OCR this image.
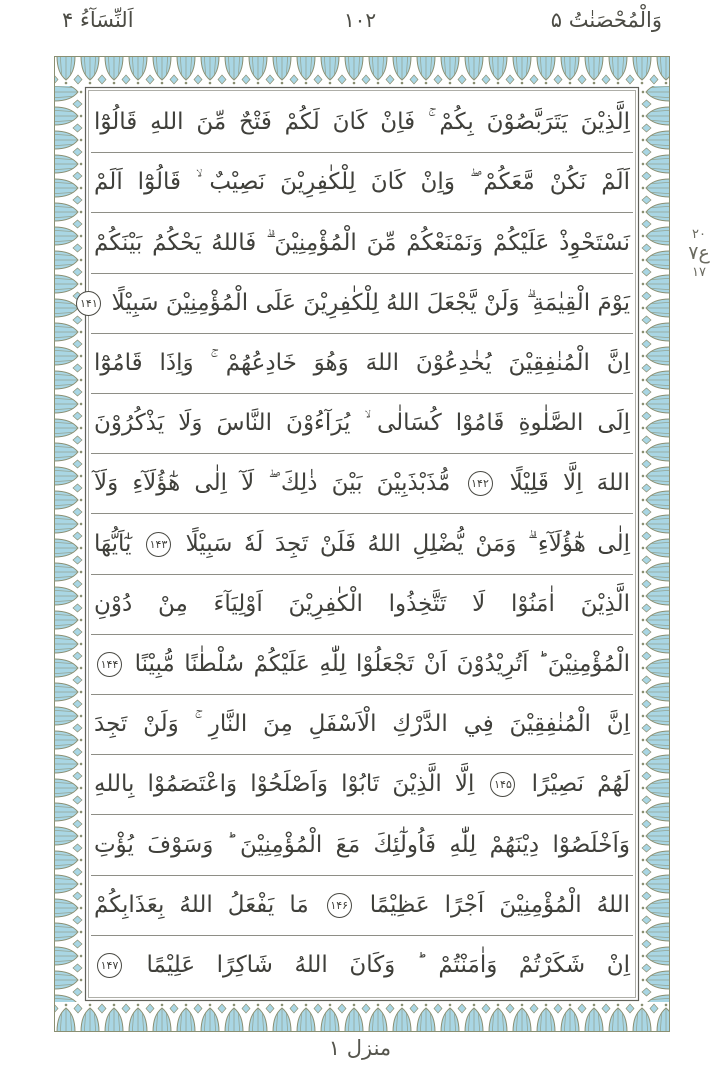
اَلنِّسَآءُ ۴	۱۰۲	وَالْمُحْصَنٰتُ ۵
۲۰
ع۷
۱۷
اِلَّذِيْنَ يَتَرَبَّصُوْنَ بِكُمْ ۚ فَاِنْ كَانَ لَكُمْ فَتْحٌ مِّنَ اللهِ قَالُوْٓا
اَلَمْ نَكُنْ مَّعَكُمْ ۖ وَاِنْ كَانَ لِلْكٰفِرِيْنَ نَصِيْبٌ ۙ قَالُوْٓا اَلَمْ
نَسْتَحْوِذْ عَلَيْكُمْ وَنَمْنَعْكُمْ مِّنَ الْمُؤْمِنِيْنَ ۗ فَاللهُ يَحْكُمُ بَيْنَكُمْ
يَوْمَ الْقِيٰمَةِ ۗ وَلَنْ يَّجْعَلَ اللهُ لِلْكٰفِرِيْنَ عَلَى الْمُؤْمِنِيْنَ سَبِيْلًا ۱۴۱
اِنَّ الْمُنٰفِقِيْنَ يُخٰدِعُوْنَ اللهَ وَهُوَ خَادِعُهُمْ ۚ وَاِذَا قَامُوْٓا
اِلَى الصَّلٰوةِ قَامُوْا كُسَالٰى ۙ يُرَآءُوْنَ النَّاسَ وَلَا يَذْكُرُوْنَ
اللهَ اِلَّا قَلِيْلًا ۱۴۲ مُّذَبْذَبِيْنَ بَيْنَ ذٰلِكَ ۖ لَآ اِلٰى هٰٓؤُلَآءِ وَلَآ
اِلٰى هٰٓؤُلَآءِ ۗ وَمَنْ يُّضْلِلِ اللهُ فَلَنْ تَجِدَ لَهٗ سَبِيْلًا ۱۴۳ يٰٓاَيُّهَا
الَّذِيْنَ اٰمَنُوْا لَا تَتَّخِذُوا الْكٰفِرِيْنَ اَوْلِيَآءَ مِنْ دُوْنِ
الْمُؤْمِنِيْنَ ؕ اَتُرِيْدُوْنَ اَنْ تَجْعَلُوْا لِلّٰهِ عَلَيْكُمْ سُلْطٰنًا مُّبِيْنًا ۱۴۴
اِنَّ الْمُنٰفِقِيْنَ فِي الدَّرْكِ الْاَسْفَلِ مِنَ النَّارِ ۚ وَلَنْ تَجِدَ
لَهُمْ نَصِيْرًا ۱۴۵ اِلَّا الَّذِيْنَ تَابُوْا وَاَصْلَحُوْا وَاعْتَصَمُوْا بِاللهِ
وَاَخْلَصُوْا دِيْنَهُمْ لِلّٰهِ فَاُولٰٓئِكَ مَعَ الْمُؤْمِنِيْنَ ؕ وَسَوْفَ يُؤْتِ
اللهُ الْمُؤْمِنِيْنَ اَجْرًا عَظِيْمًا ۱۴۶ مَا يَفْعَلُ اللهُ بِعَذَابِكُمْ
اِنْ شَكَرْتُمْ وَاٰمَنْتُمْ ؕ وَكَانَ اللهُ شَاكِرًا عَلِيْمًا ۱۴۷
منزل ۱
